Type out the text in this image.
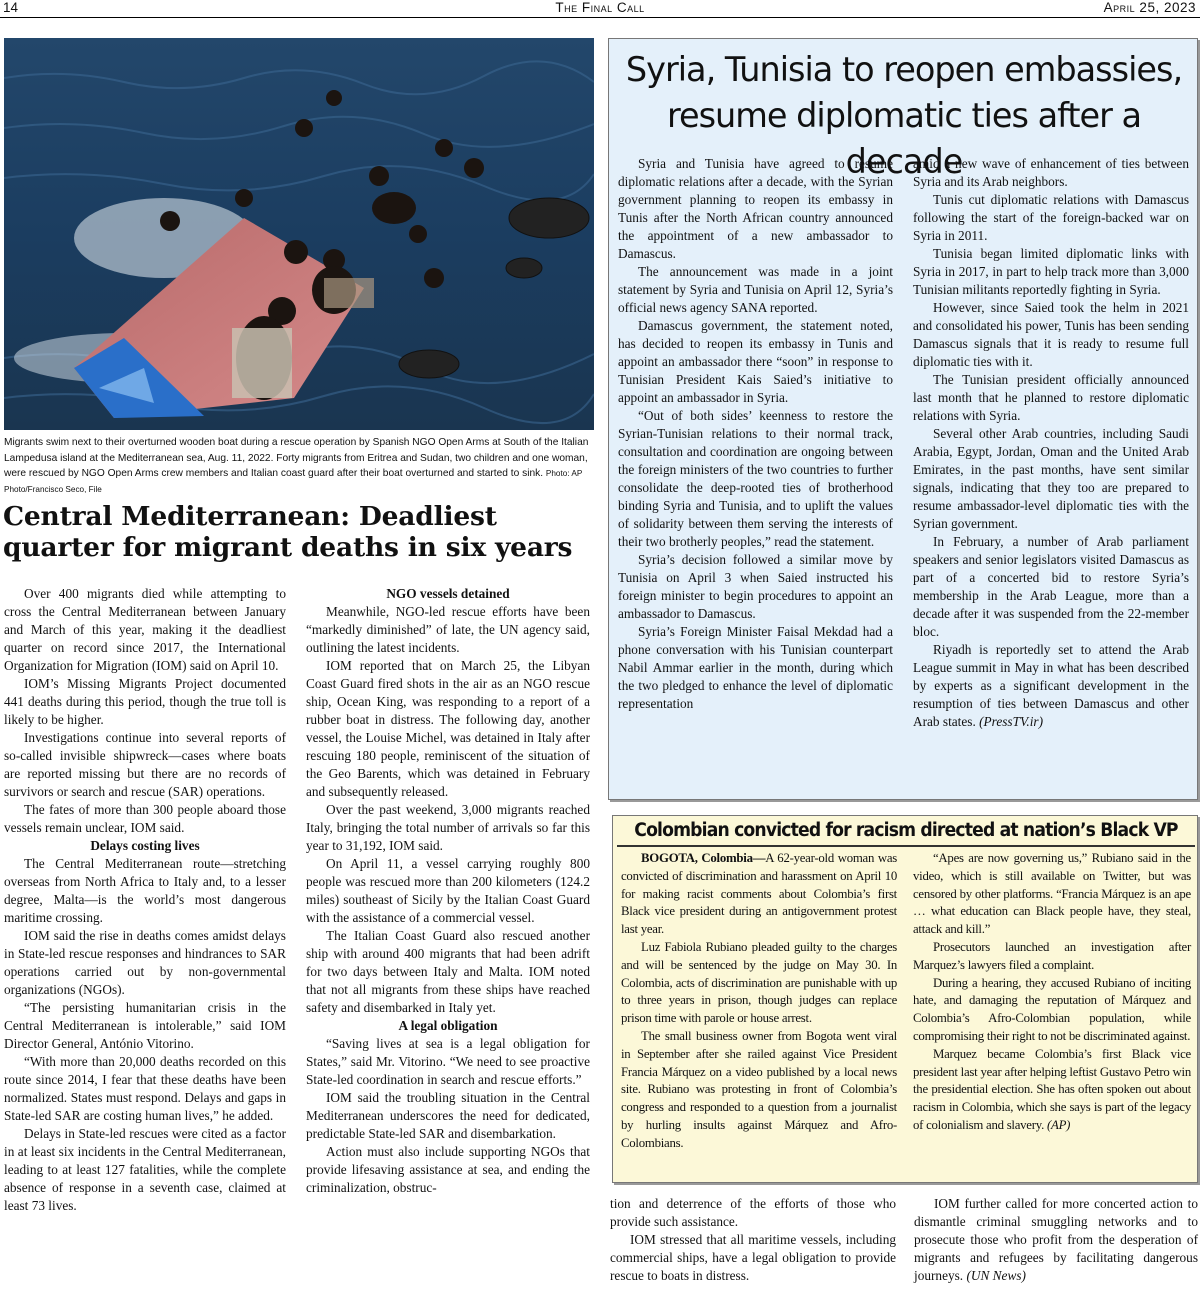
14	The Final Call	April 25, 2023
Migrants swim next to their overturned wooden boat during a rescue operation by Spanish NGO Open Arms at South of the Italian Lampedusa island at the Mediterranean sea, Aug. 11, 2022. Forty migrants from Eritrea and Sudan, two children and one woman, were rescued by NGO Open Arms crew members and Italian coast guard after their boat overturned and started to sink. Photo: AP Photo/Francisco Seco, File
Central Mediterranean: Deadliest
quarter for migrant deaths in six years

Over 400 migrants died while attempting to cross the Central Mediterranean between January and March of this year, making it the deadliest quarter on record since 2017, the International Organization for Migration (IOM) said on April 10.

IOM’s Missing Migrants Project documented 441 deaths during this period, though the true toll is likely to be higher.

Investigations continue into several reports of so-called invisible shipwreck—cases where boats are reported missing but there are no records of survivors or search and rescue (SAR) operations.

The fates of more than 300 people aboard those vessels remain unclear, IOM said.

Delays costing lives

The Central Mediterranean route—stretching overseas from North Africa to Italy and, to a lesser degree, Malta—is the world’s most dangerous maritime crossing.

IOM said the rise in deaths comes amidst delays in State-led rescue responses and hindrances to SAR operations carried out by non-governmental organizations (NGOs).

“The persisting humanitarian crisis in the Central Mediterranean is intolerable,” said IOM Director General, António Vitorino.

“With more than 20,000 deaths recorded on this route since 2014, I fear that these deaths have been normalized. States must respond. Delays and gaps in State-led SAR are costing human lives,” he added.

Delays in State-led rescues were cited as a factor in at least six incidents in the Central Mediterranean, leading to at least 127 fatalities, while the complete absence of response in a seventh case, claimed at least 73 lives.

NGO vessels detained

Meanwhile, NGO-led rescue efforts have been “markedly diminished” of late, the UN agency said, outlining the latest incidents.

IOM reported that on March 25, the Libyan Coast Guard fired shots in the air as an NGO rescue ship, Ocean King, was responding to a report of a rubber boat in distress. The following day, another vessel, the Louise Michel, was detained in Italy after rescuing 180 people, reminiscent of the situation of the Geo Barents, which was detained in February and subsequently released.

Over the past weekend, 3,000 migrants reached Italy, bringing the total number of arrivals so far this year to 31,192, IOM said.

On April 11, a vessel carrying roughly 800 people was rescued more than 200 kilometers (124.2 miles) southeast of Sicily by the Italian Coast Guard with the assistance of a commercial vessel.

The Italian Coast Guard also rescued another ship with around 400 migrants that had been adrift for two days between Italy and Malta. IOM noted that not all migrants from these ships have reached safety and disembarked in Italy yet.

A legal obligation

“Saving lives at sea is a legal obligation for States,” said Mr. Vitorino. “We need to see proactive State-led coordination in search and rescue efforts.”

IOM said the troubling situation in the Central Mediterranean underscores the need for dedicated, predictable State-led SAR and disembarkation.

Action must also include supporting NGOs that provide lifesaving assistance at sea, and ending the criminalization, obstruc-

tion and deterrence of the efforts of those who provide such assistance.

IOM stressed that all maritime vessels, including commercial ships, have a legal obligation to provide rescue to boats in distress.

IOM further called for more concerted action to dismantle criminal smuggling networks and to prosecute those who profit from the desperation of migrants and refugees by facilitating dangerous journeys. (UN News)

Syria, Tunisia to reopen embassies,
resume diplomatic ties after a decade

Syria and Tunisia have agreed to resume diplomatic relations after a decade, with the Syrian government planning to reopen its embassy in Tunis after the North African country announced the appointment of a new ambassador to Damascus.

The announcement was made in a joint statement by Syria and Tunisia on April 12, Syria’s official news agency SANA reported.

Damascus government, the statement noted, has decided to reopen its embassy in Tunis and appoint an ambassador there “soon” in response to Tunisian President Kais Saied’s initiative to appoint an ambassador in Syria.

“Out of both sides’ keenness to restore the Syrian-Tunisian relations to their normal track, consultation and coordination are ongoing between the foreign ministers of the two countries to further consolidate the deep-rooted ties of brotherhood binding Syria and Tunisia, and to uplift the values of solidarity between them serving the interests of their two brotherly peoples,” read the statement.

Syria’s decision followed a similar move by Tunisia on April 3 when Saied instructed his foreign minister to begin procedures to appoint an ambassador to Damascus.

Syria’s Foreign Minister Faisal Mekdad had a phone conversation with his Tunisian counterpart Nabil Ammar earlier in the month, during which the two pledged to enhance the level of diplomatic representation

amid a new wave of enhancement of ties between Syria and its Arab neighbors.

Tunis cut diplomatic relations with Damascus following the start of the foreign-backed war on Syria in 2011.

Tunisia began limited diplomatic links with Syria in 2017, in part to help track more than 3,000 Tunisian militants reportedly fighting in Syria.

However, since Saied took the helm in 2021 and consolidated his power, Tunis has been sending Damascus signals that it is ready to resume full diplomatic ties with it.

The Tunisian president officially announced last month that he planned to restore diplomatic relations with Syria.

Several other Arab countries, including Saudi Arabia, Egypt, Jordan, Oman and the United Arab Emirates, in the past months, have sent similar signals, indicating that they too are prepared to resume ambassador-level diplomatic ties with the Syrian government.

In February, a number of Arab parliament speakers and senior legislators visited Damascus as part of a concerted bid to restore Syria’s membership in the Arab League, more than a decade after it was suspended from the 22-member bloc.

Riyadh is reportedly set to attend the Arab League summit in May in what has been described by experts as a significant development in the resumption of ties between Damascus and other Arab states. (PressTV.ir)

Colombian convicted for racism directed at nation’s Black VP

BOGOTA, Colombia—A 62-year-old woman was convicted of discrimination and harassment on April 10 for making racist comments about Colombia’s first Black vice president during an antigovernment protest last year.

Luz Fabiola Rubiano pleaded guilty to the charges and will be sentenced by the judge on May 30. In Colombia, acts of discrimination are punishable with up to three years in prison, though judges can replace prison time with parole or house arrest.

The small business owner from Bogota went viral in September after she railed against Vice President Francia Márquez on a video published by a local news site. Rubiano was protesting in front of Colombia’s congress and responded to a question from a journalist by hurling insults against Márquez and Afro-Colombians.

“Apes are now governing us,” Rubiano said in the video, which is still available on Twitter, but was censored by other platforms. “Francia Márquez is an ape … what education can Black people have, they steal, attack and kill.”

Prosecutors launched an investigation after Marquez’s lawyers filed a complaint.

During a hearing, they accused Rubiano of inciting hate, and damaging the reputation of Márquez and Colombia’s Afro-Colombian population, while compromising their right to not be discriminated against.

Marquez became Colombia’s first Black vice president last year after helping leftist Gustavo Petro win the presidential election. She has often spoken out about racism in Colombia, which she says is part of the legacy of colonialism and slavery. (AP)
